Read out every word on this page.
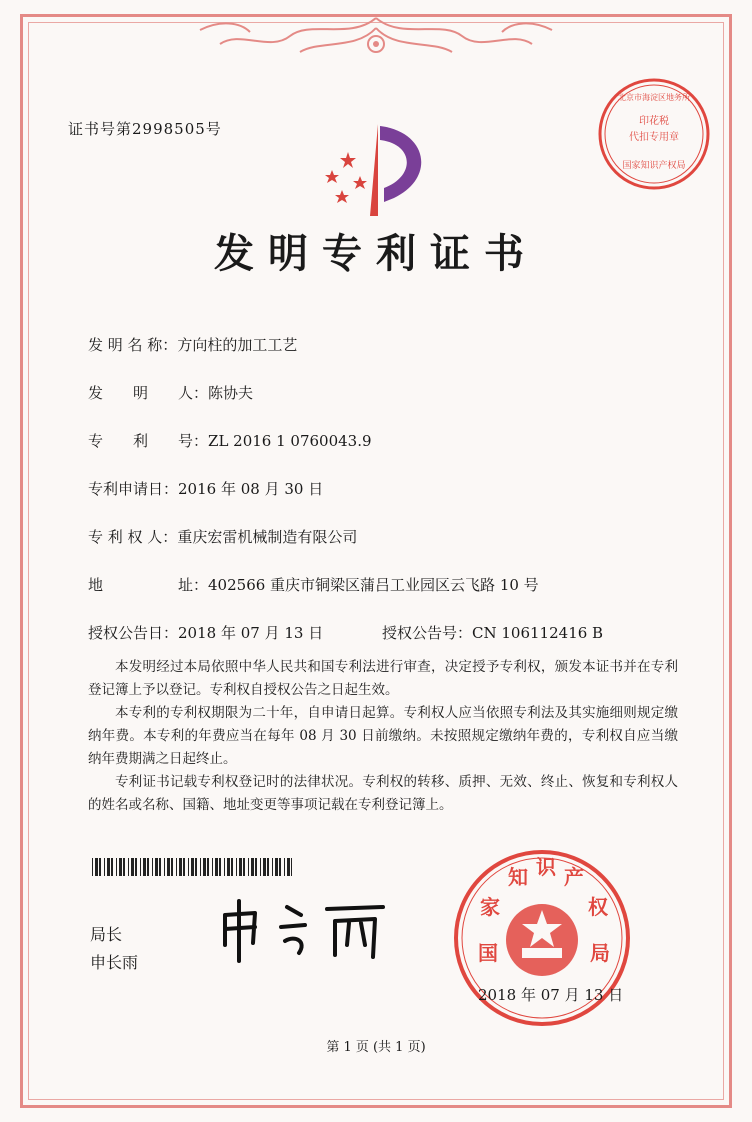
证书号第2998505号	印花税
代扣专用章
国家知识产权局
北京市海淀区地务所
发明专利证书
发 明 名 称：方向柱的加工工艺
发　　明　　人：陈协夫
专　　利　　号：ZL 2016 1 0760043.9
专利申请日：2016 年 08 月 30 日
专 利 权 人：重庆宏雷机械制造有限公司
地　　　　　址：402566 重庆市铜梁区蒲吕工业园区云飞路 10 号
授权公告日：2018 年 07 月 13 日	授权公告号：CN 106112416 B

本发明经过本局依照中华人民共和国专利法进行审查，决定授予专利权，颁发本证书并在专利登记簿上予以登记。专利权自授权公告之日起生效。

本专利的专利权期限为二十年，自申请日起算。专利权人应当依照专利法及其实施细则规定缴纳年费。本专利的年费应当在每年 08 月 30 日前缴纳。未按照规定缴纳年费的，专利权自应当缴纳年费期满之日起终止。

专利证书记载专利权登记时的法律状况。专利权的转移、质押、无效、终止、恢复和专利权人的姓名或名称、国籍、地址变更等事项记载在专利登记簿上。

局长
申长雨	国
家
知 识 产
权
局
2018 年 07 月 13 日
第 1 页 (共 1 页)
